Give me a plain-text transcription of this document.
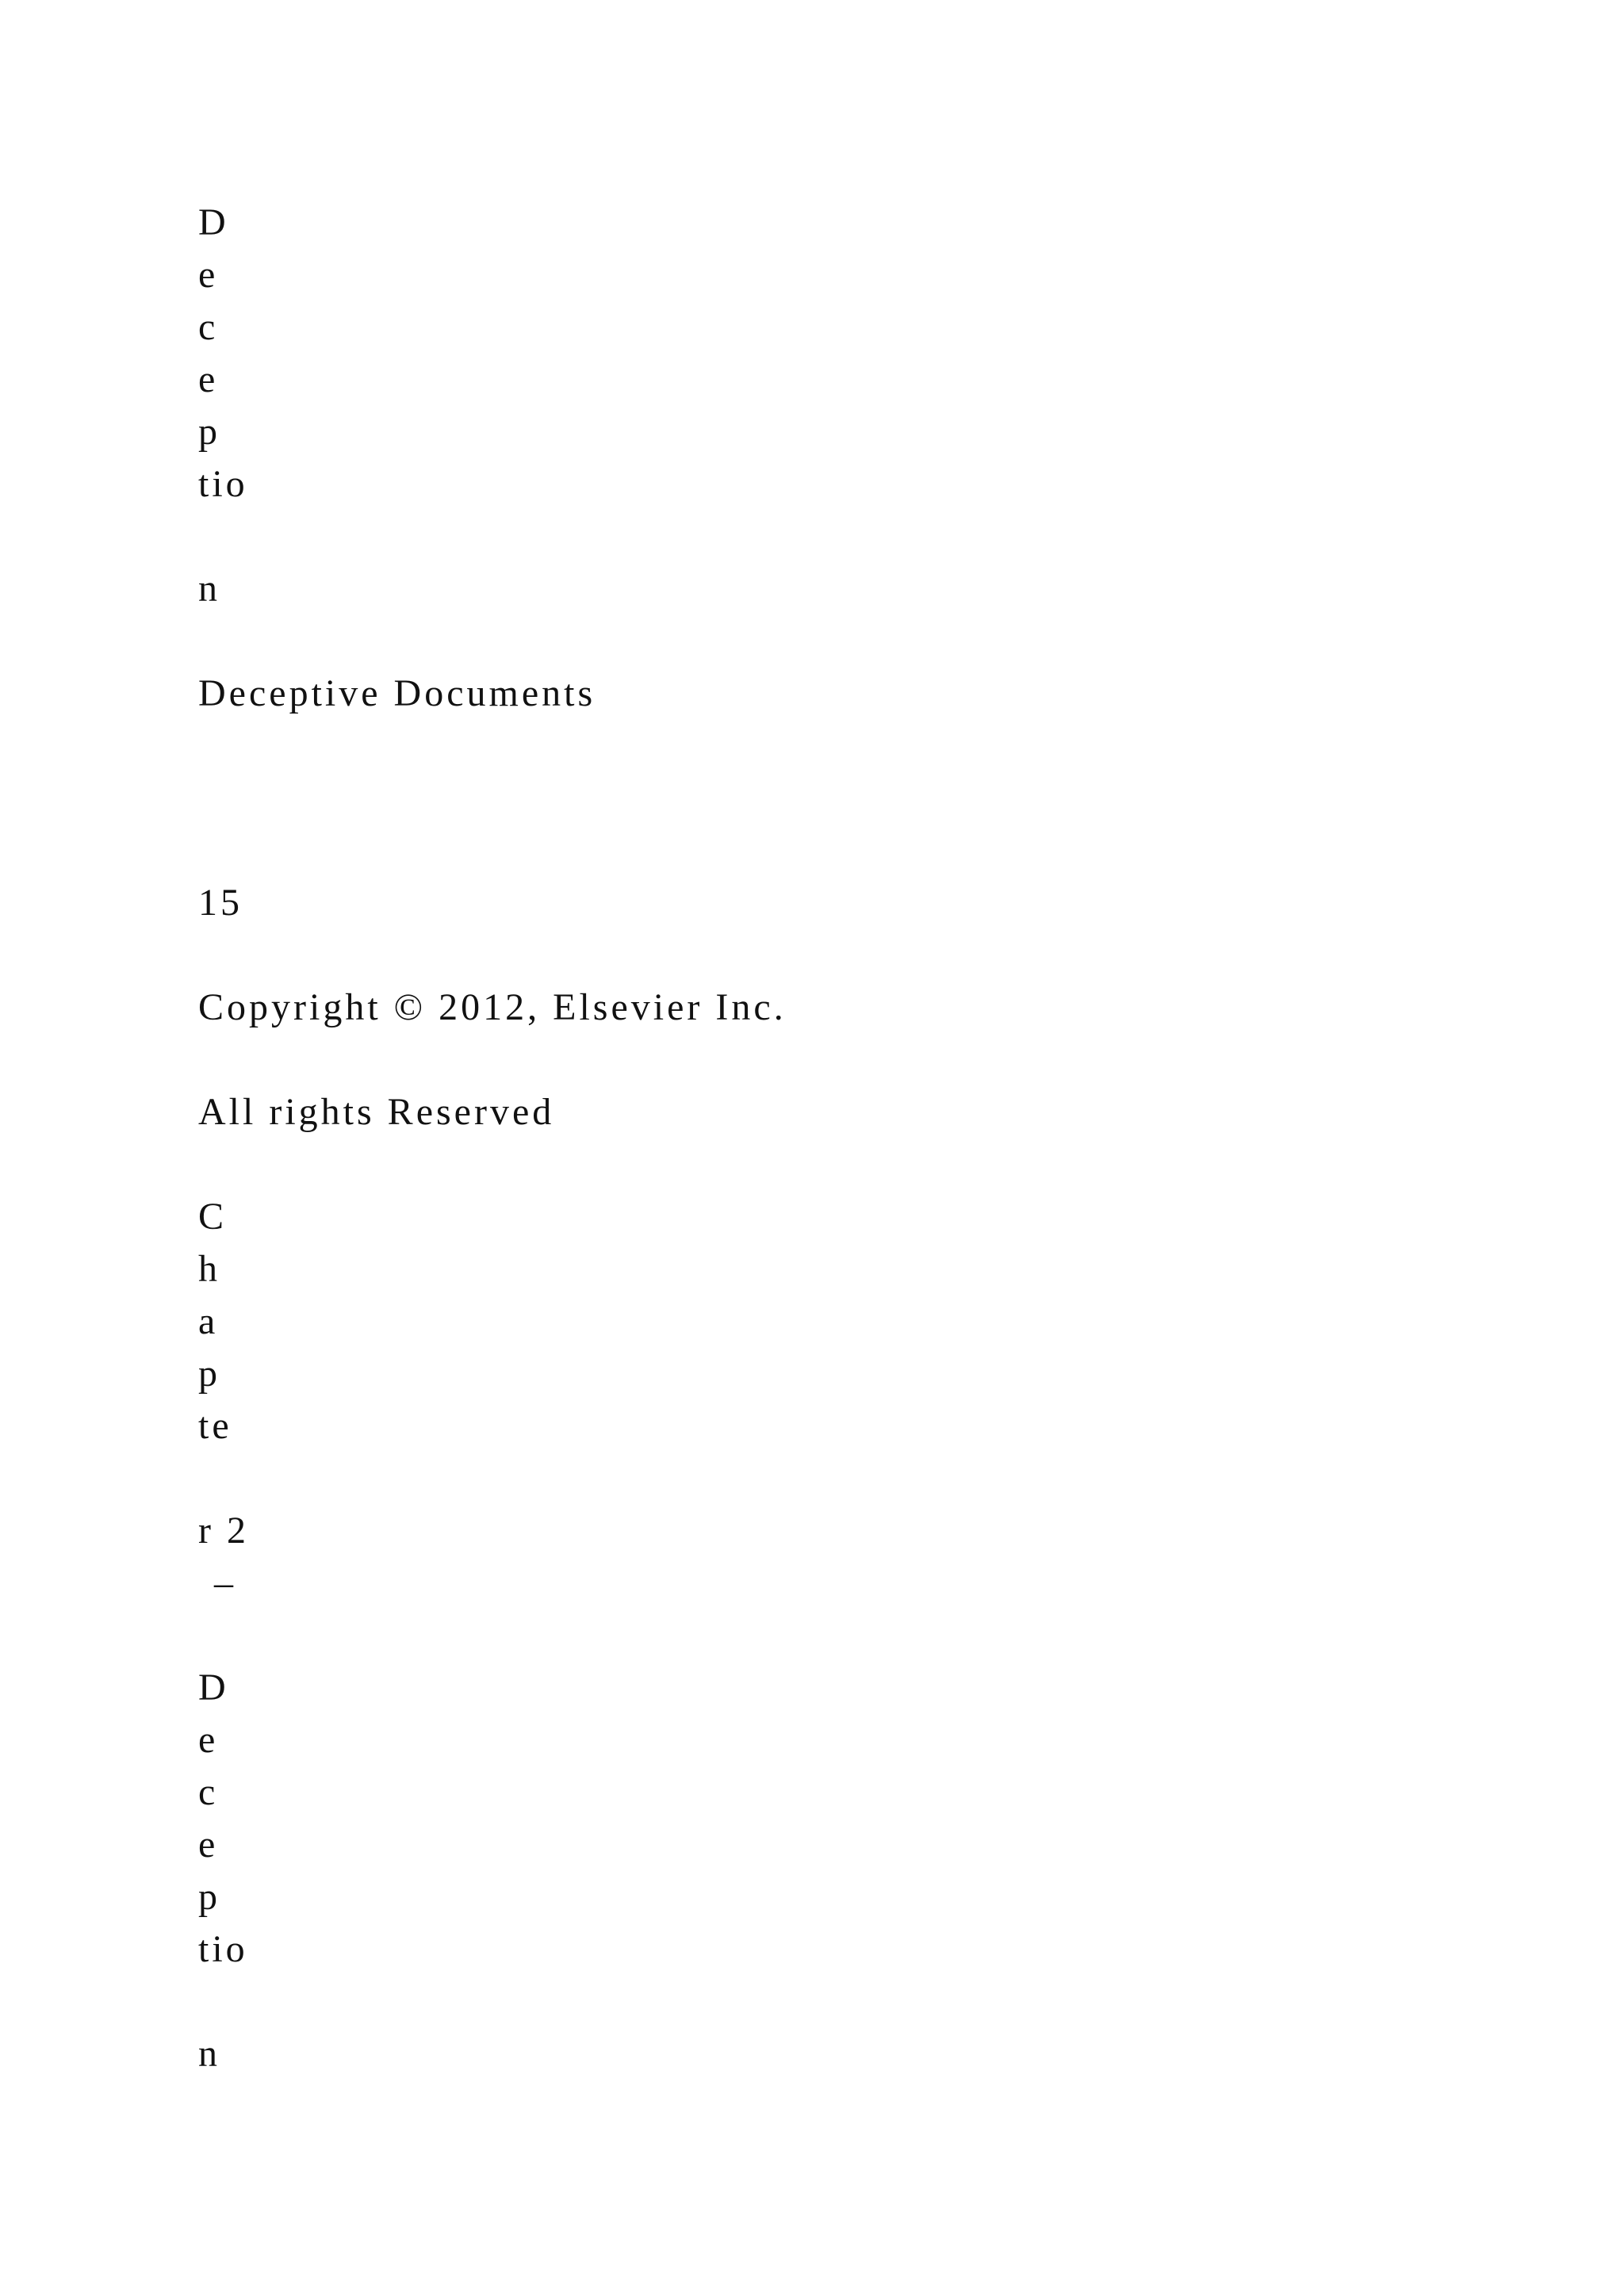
D

e

c

e

p

tio

n

Deceptive Documents

15

Copyright © 2012, Elsevier Inc.

All rights Reserved

C

h

a

p

te

r 2

–

D

e

c

e

p

tio

n
